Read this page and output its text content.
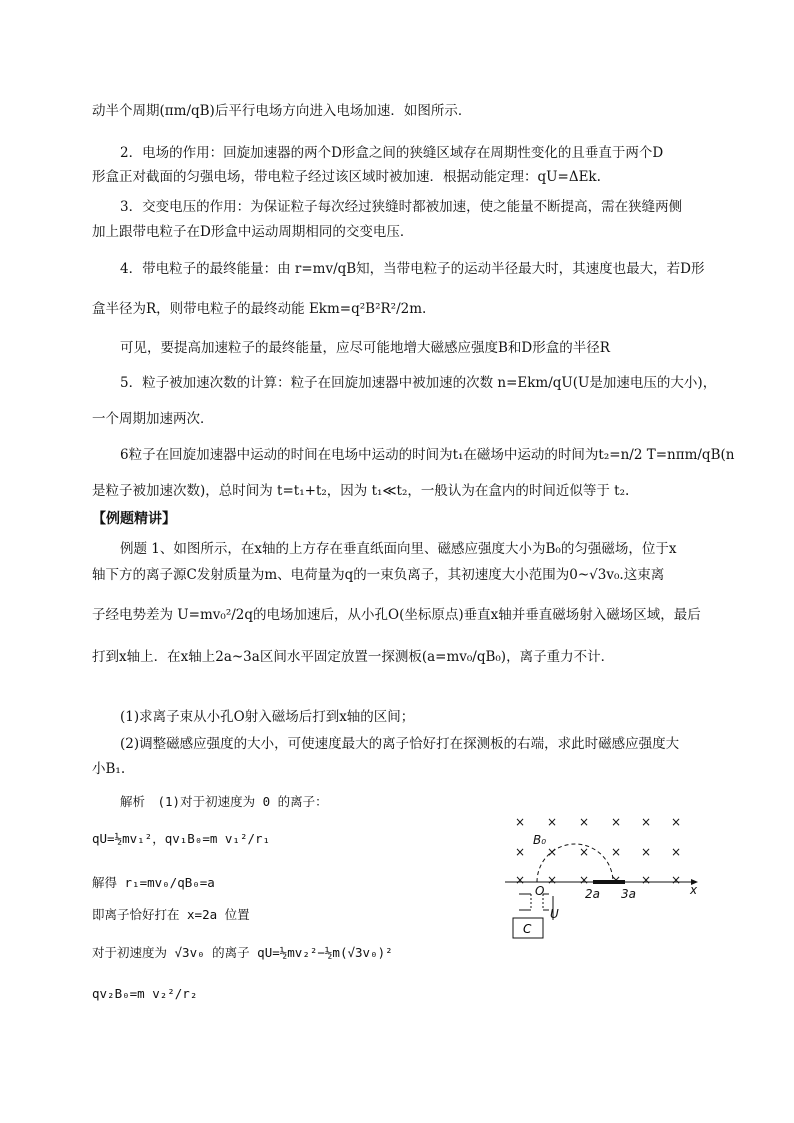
动半个周期(πm/qB)后平行电场方向进入电场加速．如图所示．
2．电场的作用：回旋加速器的两个D形盒之间的狭缝区域存在周期性变化的且垂直于两个D
形盒正对截面的匀强电场，带电粒子经过该区域时被加速．根据动能定理：qU=ΔEk.
3．交变电压的作用：为保证粒子每次经过狭缝时都被加速，使之能量不断提高，需在狭缝两侧
加上跟带电粒子在D形盒中运动周期相同的交变电压．
4．带电粒子的最终能量：由 r=mv/qB知，当带电粒子的运动半径最大时，其速度也最大，若D形
盒半径为R，则带电粒子的最终动能 Ekm=q²B²R²/2m.
可见，要提高加速粒子的最终能量，应尽可能地增大磁感应强度B和D形盒的半径R
5．粒子被加速次数的计算：粒子在回旋加速器中被加速的次数 n=Ekm/qU(U是加速电压的大小)，
一个周期加速两次．
6粒子在回旋加速器中运动的时间在电场中运动的时间为t₁在磁场中运动的时间为t₂=n/2 T=nπm/qB(n
是粒子被加速次数)，总时间为 t=t₁+t₂，因为 t₁≪t₂，一般认为在盒内的时间近似等于 t₂.
【例题精讲】
例题 1、如图所示，在x轴的上方存在垂直纸面向里、磁感应强度大小为B₀的匀强磁场，位于x
轴下方的离子源C发射质量为m、电荷量为q的一束负离子，其初速度大小范围为0~√3v₀.这束离
子经电势差为 U=mv₀²/2q的电场加速后，从小孔O(坐标原点)垂直x轴并垂直磁场射入磁场区域，最后
打到x轴上．在x轴上2a~3a区间水平固定放置一探测板(a=mv₀/qB₀)，离子重力不计．
(1)求离子束从小孔O射入磁场后打到x轴的区间；
(2)调整磁感应强度的大小，可使速度最大的离子恰好打在探测板的右端，求此时磁感应强度大
小B₁.
解析　(1)对于初速度为 0 的离子：
qU=½mv₁²，qv₁B₀=m v₁²/r₁
解得 r₁=mv₀/qB₀=a
即离子恰好打在 x=2a 位置
对于初速度为 √3v₀ 的离子 qU=½mv₂²−½m(√3v₀)²
qv₂B₀=m v₂²/r₂
× × × × × ×
× × × × × ×
× × ×	× ×
B₀
O
U
2a 3a	x
C
